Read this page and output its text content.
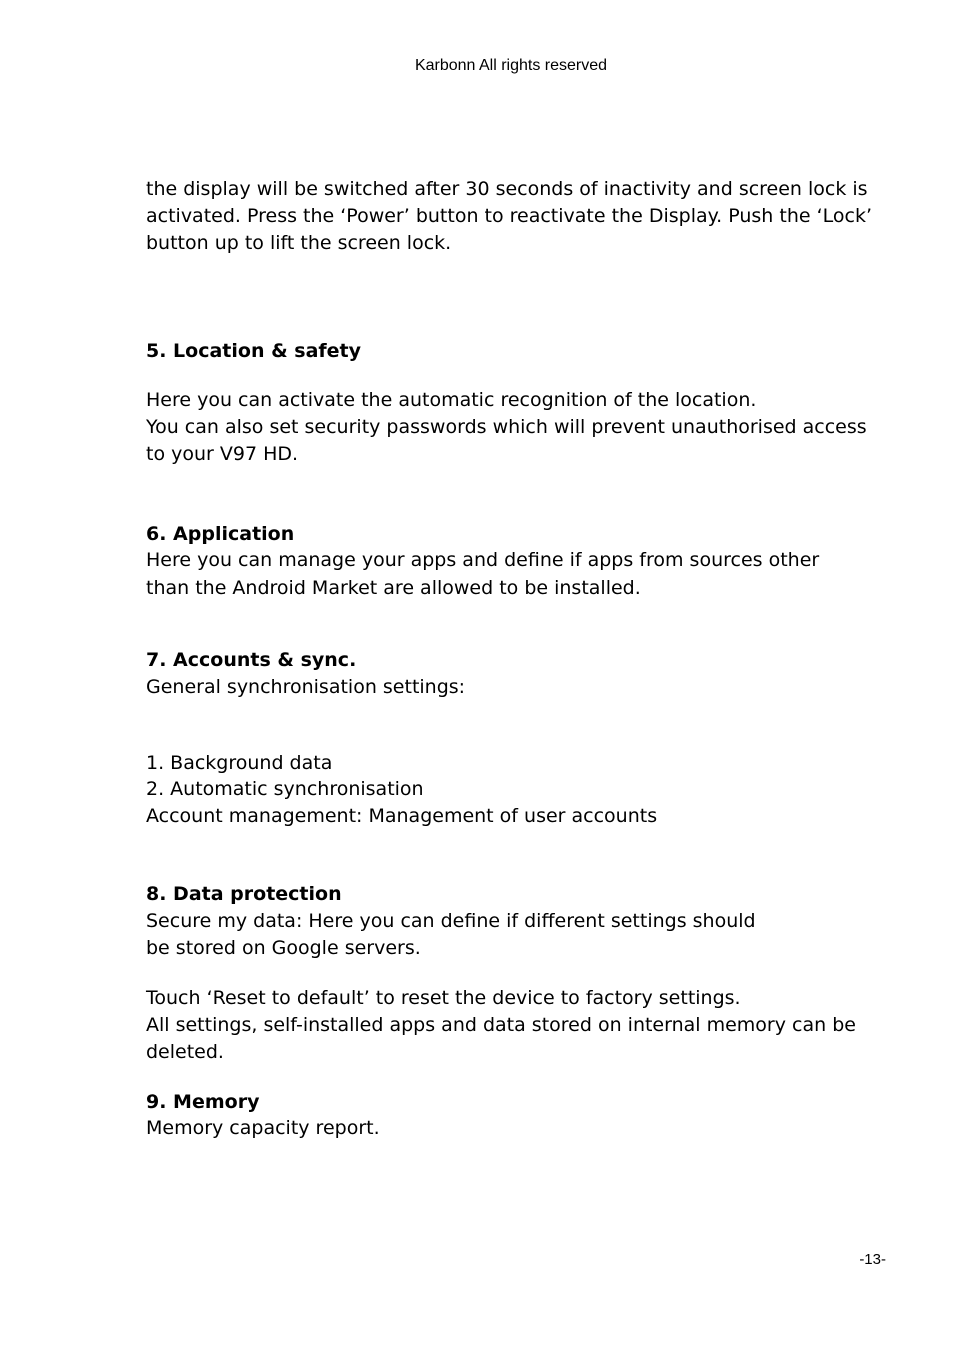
Karbonn All rights reserved

the display will be switched after 30 seconds of inactivity and screen lock is

activated. Press the ‘Power’ button to reactivate the Display. Push the ‘Lock’

button up to lift the screen lock.

5. Location & safety

Here you can activate the automatic recognition of the location.

You can also set security passwords which will prevent unauthorised access

to your V97 HD.

6. Application

Here you can manage your apps and define if apps from sources other

than the Android Market are allowed to be installed.

7. Accounts & sync.

General synchronisation settings:

1. Background data

2. Automatic synchronisation

Account management: Management of user accounts

8. Data protection

Secure my data: Here you can define if different settings should

be stored on Google servers.

Touch ‘Reset to default’ to reset the device to factory settings.

All settings, self-installed apps and data stored on internal memory can be

deleted.

9. Memory

Memory capacity report.

-13-
